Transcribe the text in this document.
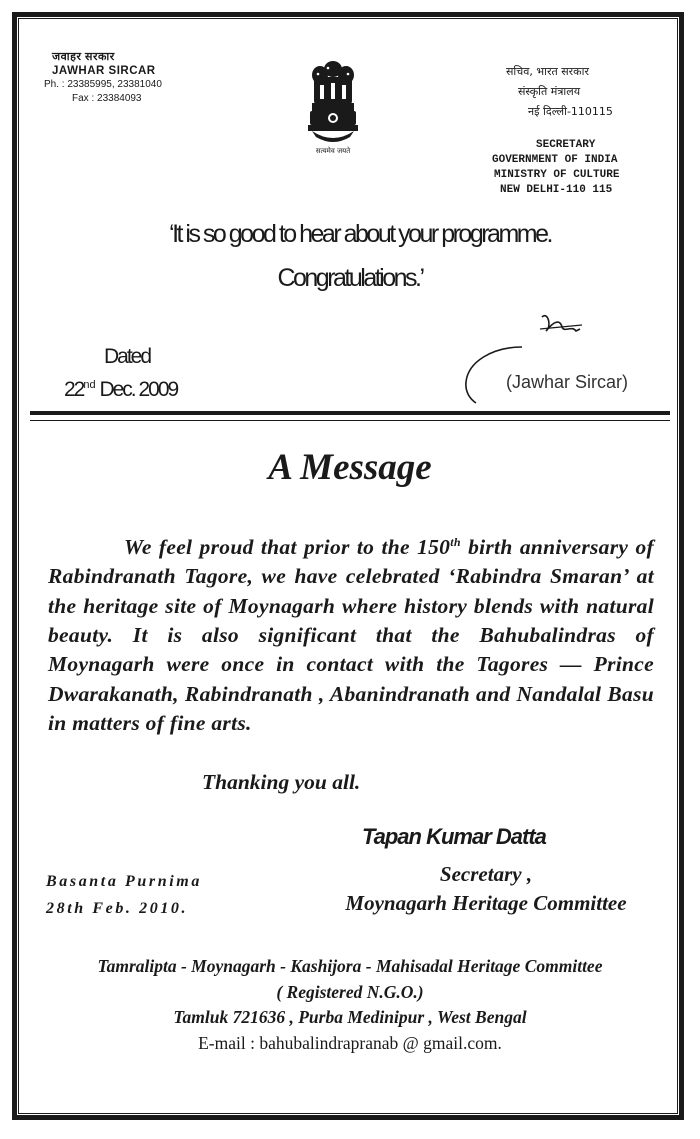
जवाहर सरकार
JAWHAR SIRCAR
Ph. : 23385995, 23381040
Fax : 23384093
सत्यमेव जयते
सचिव, भारत सरकार
संस्कृति मंत्रालय
नई दिल्ली-110115
SECRETARY
GOVERNMENT OF INDIA
MINISTRY OF CULTURE
NEW DELHI-110 115
‘It is so good to hear about your programme.
Congratulations.’
Dated
22nd Dec. 2009	(Jawhar Sircar)
A Message
We feel proud that prior to the 150th birth anniversary of Rabindranath Tagore, we have celebrated ‘Rabindra Smaran’ at the heritage site of Moynagarh where history blends with natural beauty. It is also significant that the Bahubalindras of Moynagarh were once in contact with the Tagores — Prince Dwarakanath, Rabindranath , Abanindranath and Nandalal Basu in matters of fine arts.
Thanking you all.
Tapan Kumar Datta
Basanta Purnima
28th Feb. 2010.
Secretary ,
Moynagarh Heritage Committee
Tamralipta - Moynagarh - Kashijora - Mahisadal Heritage Committee
( Registered N.G.O.)
Tamluk 721636 , Purba Medinipur , West Bengal
E-mail : bahubalindrapranab @ gmail.com.
